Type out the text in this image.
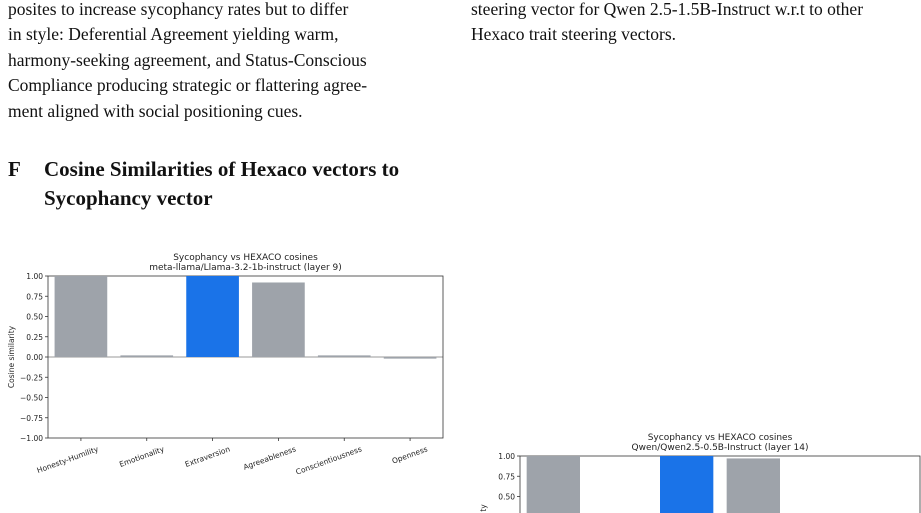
posites to increase sycophancy rates but to differ
in style: Deferential Agreement yielding warm,
harmony-seeking agreement, and Status-Conscious
Compliance producing strategic or flattering agree-
ment aligned with social positioning cues.

F Cosine Similarities of Hexaco vectors to
Sycophancy vector

steering vector for Qwen 2.5-1.5B-Instruct w.r.t to other
Hexaco trait steering vectors.

Sycophancy vs HEXACO cosines
meta-llama/Llama-3.2-1b-instruct (layer 9)
1.00
0.75
0.50
0.25
0.00
−0.25
−0.50
−0.75
−1.00
Honesty-Humility Emotionality Extraversion Agreeableness
Conscientiousness	Openness
Cosine similarity
Sycophancy vs HEXACO cosines
Qwen/Qwen2.5-0.5B-Instruct (layer 14)
1.00
0.75
0.50
ty
